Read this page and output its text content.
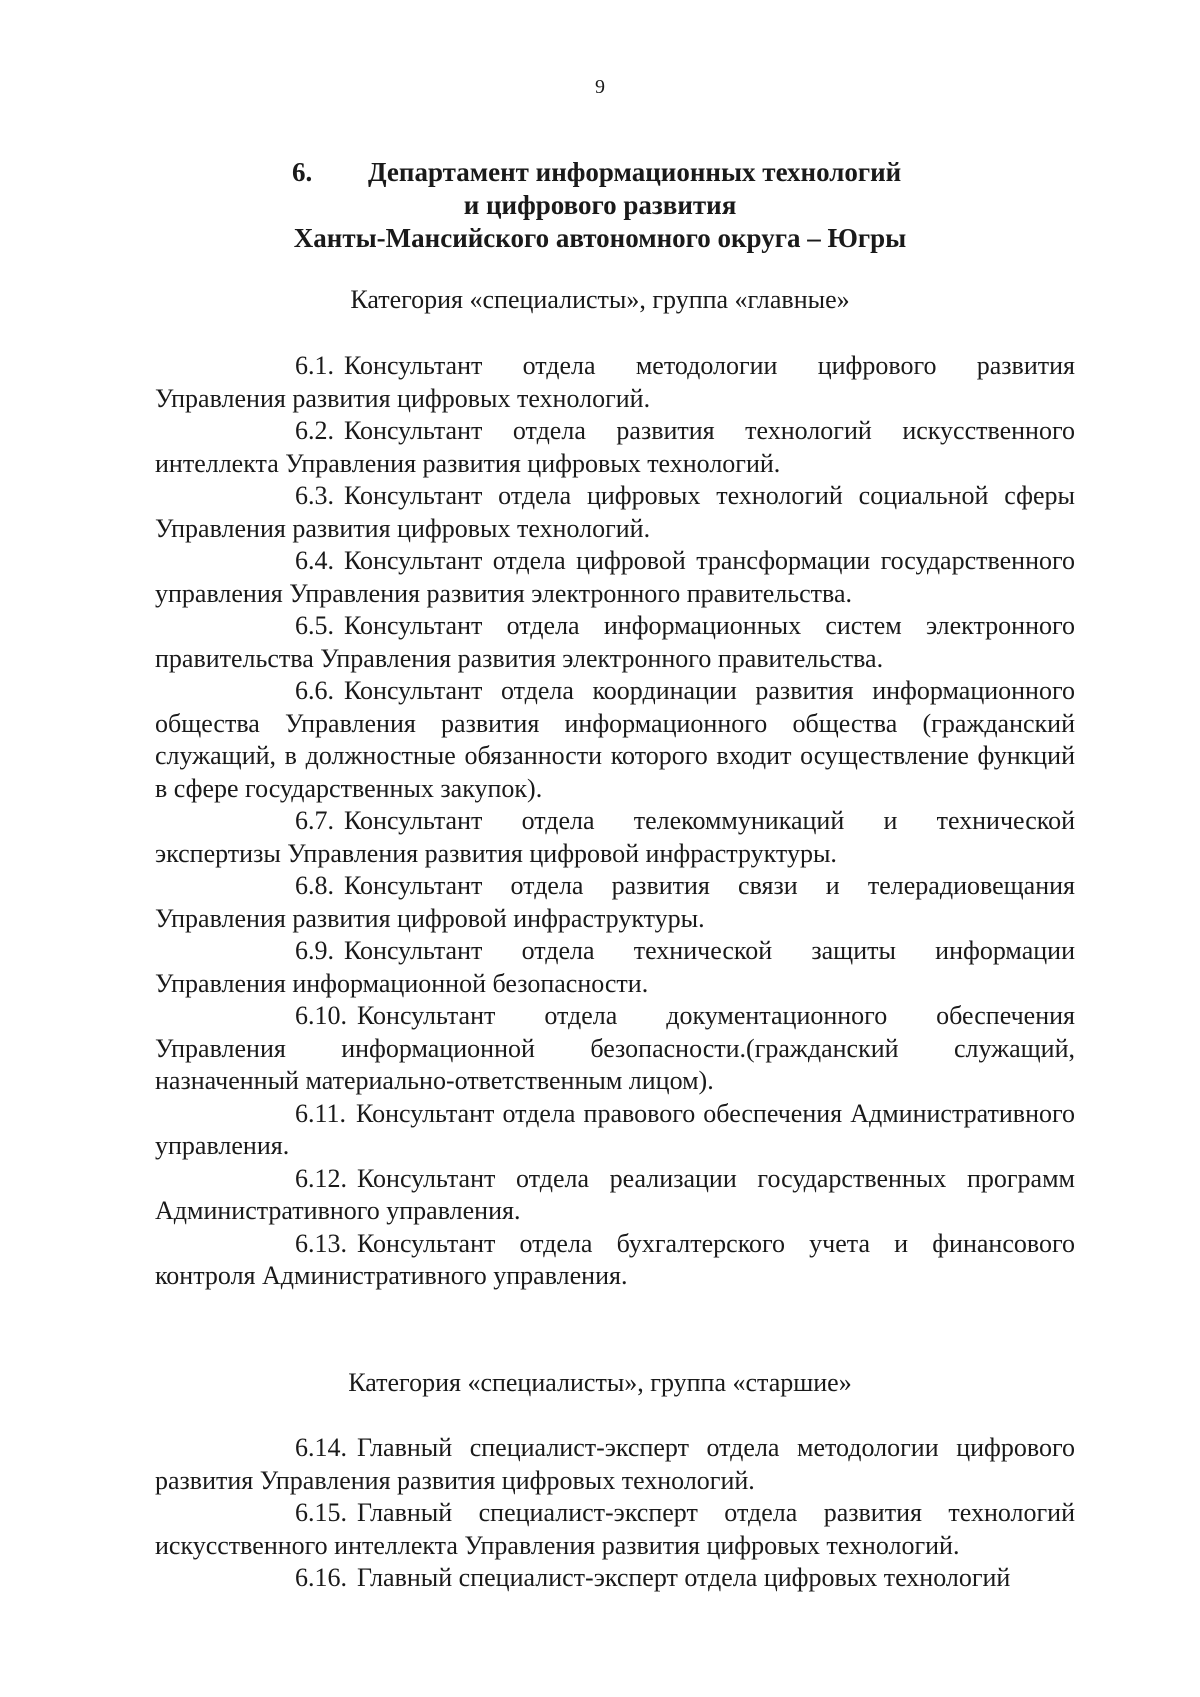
9
6. Департамент информационных технологий
и цифрового развития
Ханты-Мансийского автономного округа – Югры
Категория «специалисты», группа «главные»

6.1. Консультант отдела методологии цифрового развития Управления развития цифровых технологий.

6.2. Консультант отдела развития технологий искусственного интеллекта Управления развития цифровых технологий.

6.3. Консультант отдела цифровых технологий социальной сферы Управления развития цифровых технологий.

6.4. Консультант отдела цифровой трансформации государственного управления Управления развития электронного правительства.

6.5. Консультант отдела информационных систем электронного правительства Управления развития электронного правительства.

6.6. Консультант отдела координации развития информационного общества Управления развития информационного общества (гражданский служащий, в должностные обязанности которого входит осуществление функций в сфере государственных закупок).

6.7. Консультант отдела телекоммуникаций и технической экспертизы Управления развития цифровой инфраструктуры.

6.8. Консультант отдела развития связи и телерадиовещания Управления развития цифровой инфраструктуры.

6.9. Консультант отдела технической защиты информации Управления информационной безопасности.

6.10. Консультант отдела документационного обеспечения Управления информационной безопасности.(гражданский служащий, назначенный материально-ответственным лицом).

6.11. Консультант отдела правового обеспечения Административного управления.

6.12. Консультант отдела реализации государственных программ Административного управления.

6.13. Консультант отдела бухгалтерского учета и финансового контроля Административного управления.

Категория «специалисты», группа «старшие»

6.14. Главный специалист-эксперт отдела методологии цифрового развития Управления развития цифровых технологий.

6.15. Главный специалист-эксперт отдела развития технологий искусственного интеллекта Управления развития цифровых технологий.

6.16. Главный специалист-эксперт отдела цифровых технологий
